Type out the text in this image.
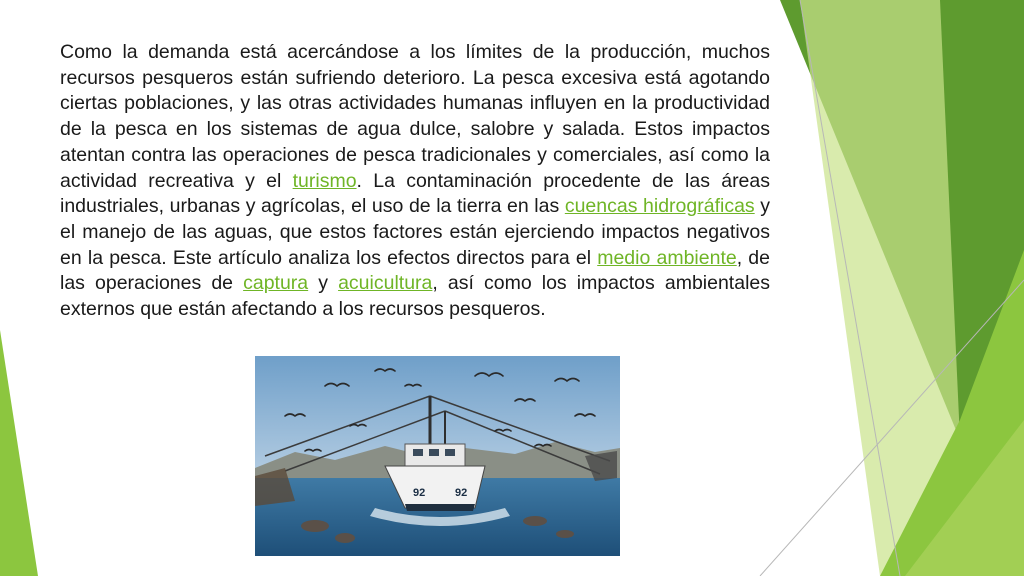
Como la demanda está acercándose a los límites de la producción, muchos recursos pesqueros están sufriendo deterioro. La pesca excesiva está agotando ciertas poblaciones, y las otras actividades humanas influyen en la productividad de la pesca en los sistemas de agua dulce, salobre y salada. Estos impactos atentan contra las operaciones de pesca tradicionales y comerciales, así como la actividad recreativa y el turismo. La contaminación procedente de las áreas industriales, urbanas y agrícolas, el uso de la tierra en las cuencas hidrográficas y el manejo de las aguas, que estos factores están ejerciendo impactos negativos en la pesca. Este artículo analiza los efectos directos para el medio ambiente, de las operaciones de captura y acuicultura, así como los impactos ambientales externos que están afectando a los recursos pesqueros.

92	92
